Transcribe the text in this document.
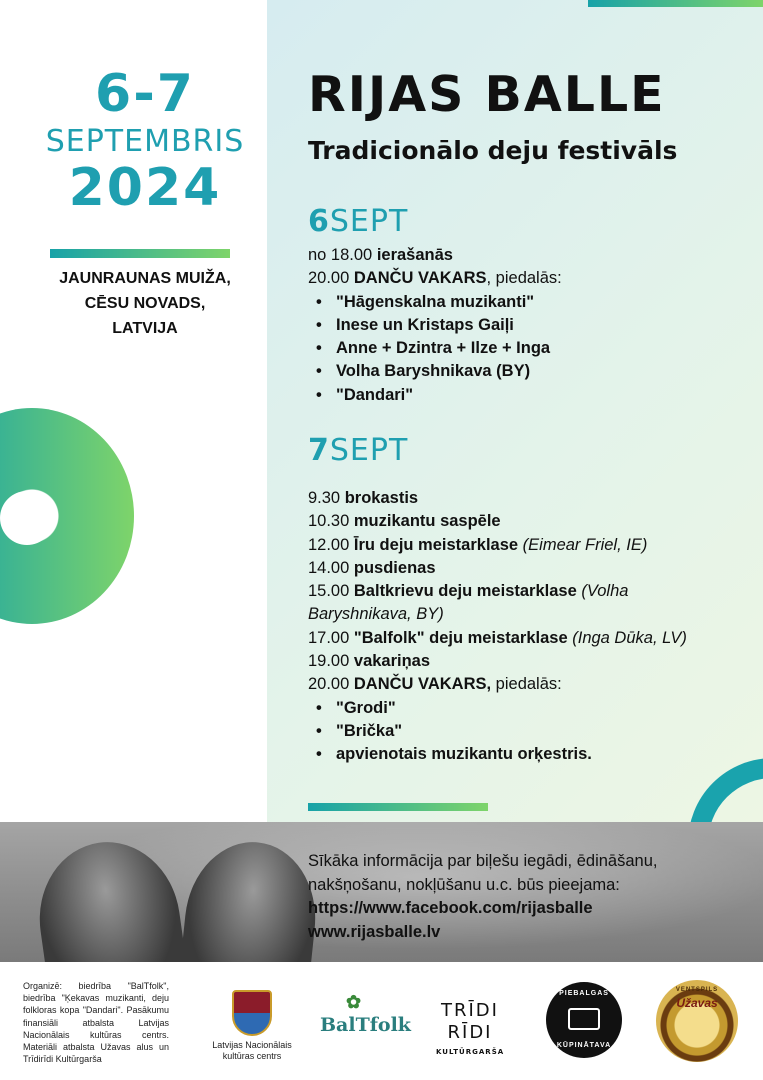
6-7
SEPTEMBRIS
2024
JAUNRAUNAS MUIŽA,
CĒSU NOVADS,
LATVIJA
RIJAS BALLE
Tradicionālo deju festivāls
6SEPT
no 18.00 ierašanās
20.00 DANČU VAKARS, piedalās:
• "Hāgenskalna muzikanti"
• Inese un Kristaps Gaiļi
• Anne + Dzintra + Ilze + Inga
• Volha Baryshnikava (BY)
• "Dandari"
7SEPT
9.30 brokastis
10.30 muzikantu saspēle
12.00 Īru deju meistarklase (Eimear Friel, IE)
14.00 pusdienas
15.00 Baltkrievu deju meistarklase (Volha Baryshnikava, BY)
17.00 "Balfolk" deju meistarklase (Inga Dūka, LV)
19.00 vakariņas
20.00 DANČU VAKARS, piedalās:
• "Grodi"
• "Brička"
• apvienotais muzikantu orķestris.
Sīkāka informācija par biļešu iegādi, ēdināšanu, nakšņošanu, nokļūšanu u.c. būs pieejama:
https://www.facebook.com/rijasballe
www.rijasballe.lv
Organizē: biedrība "BalTfolk", biedrība "Ķekavas muzikanti, deju folkloras kopa "Dandari". Pasākumu finansiāli atbalsta Latvijas Nacionālais kultūras centrs. Materiāli atbalsta Užavas alus un Trīdirīdi Kultūrgarša
Latvijas Nacionālais kultūras centrs
✿
BalTfolk
TRĪDI
RĪDI
KULTŪRGARŠA
PIEBALGAS
KŪPINĀTAVA
VENTSPILS
Užavas
